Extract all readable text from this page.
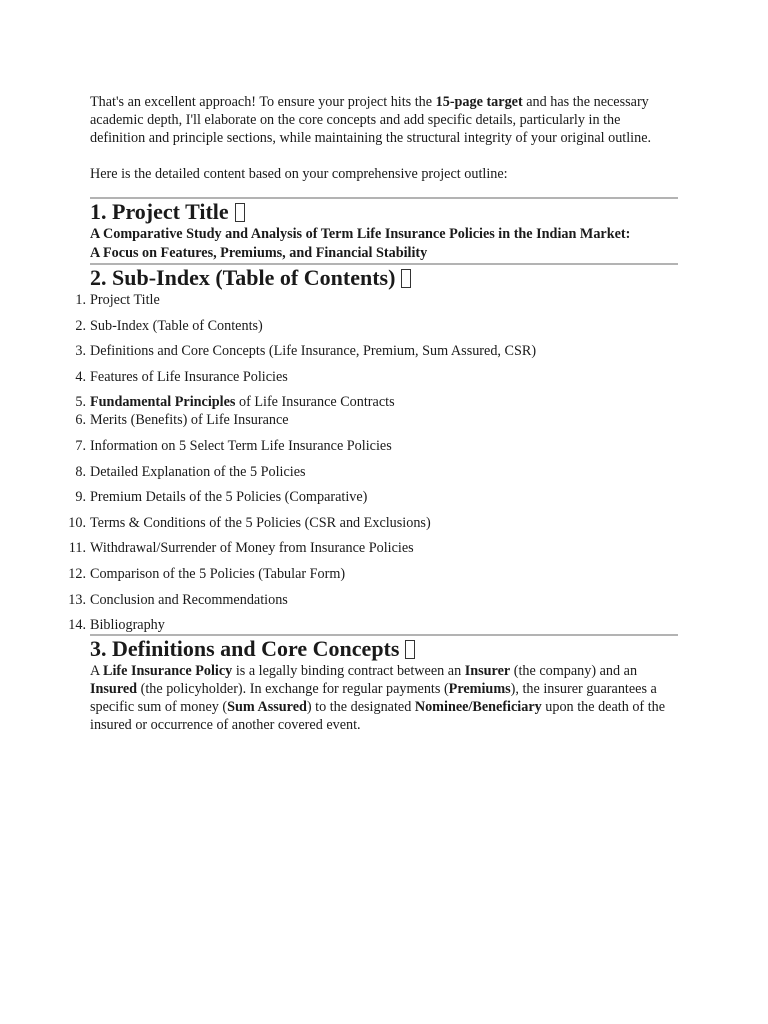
That's an excellent approach! To ensure your project hits the 15-page target and has the necessary academic depth, I'll elaborate on the core concepts and add specific details, particularly in the definition and principle sections, while maintaining the structural integrity of your original outline.

Here is the detailed content based on your comprehensive project outline:

1. Project Title

A Comparative Study and Analysis of Term Life Insurance Policies in the Indian Market:
A Focus on Features, Premiums, and Financial Stability

2. Sub-Index (Table of Contents)
1. Project Title
2. Sub-Index (Table of Contents)
3. Definitions and Core Concepts (Life Insurance, Premium, Sum Assured, CSR)
4. Features of Life Insurance Policies
5. Fundamental Principles of Life Insurance Contracts
6. Merits (Benefits) of Life Insurance
7. Information on 5 Select Term Life Insurance Policies
8. Detailed Explanation of the 5 Policies
9. Premium Details of the 5 Policies (Comparative)
10. Terms & Conditions of the 5 Policies (CSR and Exclusions)
11. Withdrawal/Surrender of Money from Insurance Policies
12. Comparison of the 5 Policies (Tabular Form)
13. Conclusion and Recommendations
14. Bibliography
3. Definitions and Core Concepts

A Life Insurance Policy is a legally binding contract between an Insurer (the company) and an Insured (the policyholder). In exchange for regular payments (Premiums), the insurer guarantees a specific sum of money (Sum Assured) to the designated Nominee/Beneficiary upon the death of the insured or occurrence of another covered event.
